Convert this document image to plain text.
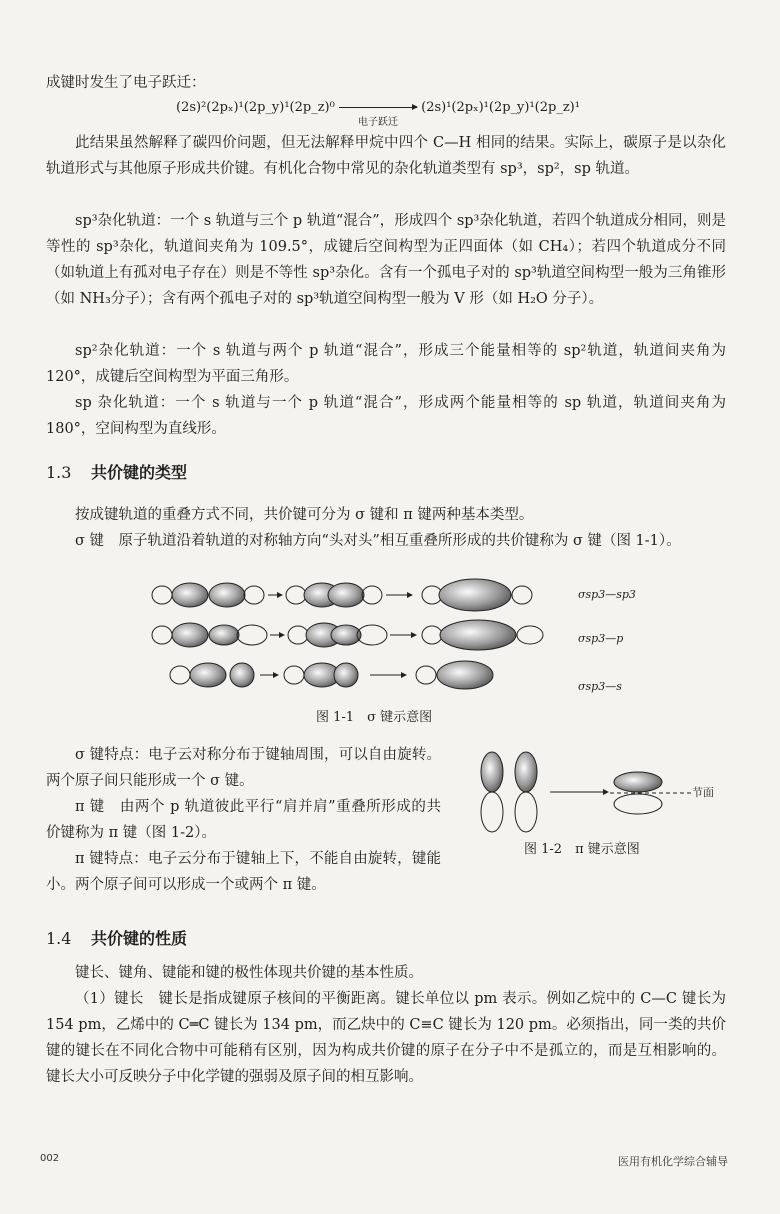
成键时发生了电子跃迁：
(2s)²(2pₓ)¹(2p_y)¹(2p_z)⁰
电子跃迁
(2s)¹(2pₓ)¹(2p_y)¹(2p_z)¹

此结果虽然解释了碳四价问题，但无法解释甲烷中四个 C—H 相同的结果。实际上，碳原子是以杂化轨道形式与其他原子形成共价键。有机化合物中常见的杂化轨道类型有 sp³，sp²，sp 轨道。

sp³杂化轨道：一个 s 轨道与三个 p 轨道“混合”，形成四个 sp³杂化轨道，若四个轨道成分相同，则是等性的 sp³杂化，轨道间夹角为 109.5°，成键后空间构型为正四面体（如 CH₄）；若四个轨道成分不同（如轨道上有孤对电子存在）则是不等性 sp³杂化。含有一个孤电子对的 sp³轨道空间构型一般为三角锥形（如 NH₃分子）；含有两个孤电子对的 sp³轨道空间构型一般为 V 形（如 H₂O 分子）。

sp²杂化轨道：一个 s 轨道与两个 p 轨道“混合”，形成三个能量相等的 sp²轨道，轨道间夹角为 120°，成键后空间构型为平面三角形。

sp 杂化轨道：一个 s 轨道与一个 p 轨道“混合”，形成两个能量相等的 sp 轨道，轨道间夹角为 180°，空间构型为直线形。

1.3 共价键的类型

按成键轨道的重叠方式不同，共价键可分为 σ 键和 π 键两种基本类型。

σ 键　原子轨道沿着轨道的对称轴方向“头对头”相互重叠所形成的共价键称为 σ 键（图 1-1）。

σsp3—sp3
σsp3—p
σsp3—s
图 1-1　σ 键示意图

σ 键特点：电子云对称分布于键轴周围，可以自由旋转。两个原子间只能形成一个 σ 键。

π 键　由两个 p 轨道彼此平行“肩并肩”重叠所形成的共价键称为 π 键（图 1-2）。

π 键特点：电子云分布于键轴上下，不能自由旋转，键能小。两个原子间可以形成一个或两个 π 键。

节面
图 1-2　π 键示意图
1.4 共价键的性质

键长、键角、键能和键的极性体现共价键的基本性质。

（1）键长　键长是指成键原子核间的平衡距离。键长单位以 pm 表示。例如乙烷中的 C—C 键长为 154 pm，乙烯中的 C═C 键长为 134 pm，而乙炔中的 C≡C 键长为 120 pm。必须指出，同一类的共价键的键长在不同化合物中可能稍有区别，因为构成共价键的原子在分子中不是孤立的，而是互相影响的。键长大小可反映分子中化学键的强弱及原子间的相互影响。

002	医用有机化学综合辅导
